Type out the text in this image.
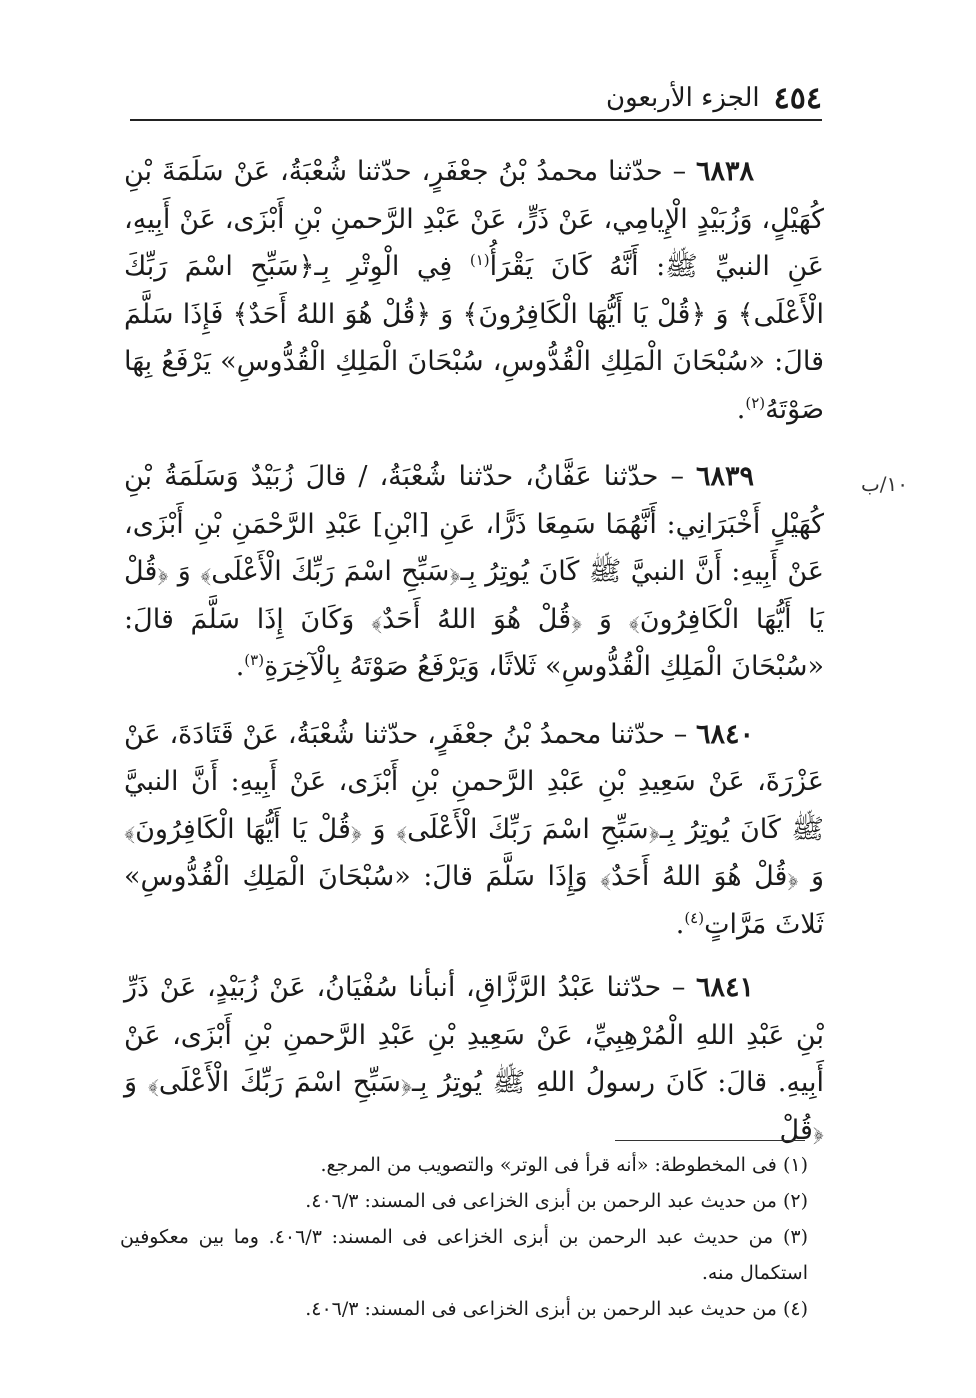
٤٥٤
الجزء الأربعون
١٠/ب

٦٨٣٨ – حدّثنا محمدُ بْنُ جعْفَرٍ، حدّثنا شُعْبَةُ، عَنْ سَلَمَةَ بْنِ كُهَيْلٍ، وَزُبَيْدٍ الْإِيامِي، عَنْ ذَرٍّ، عَنْ عَبْدِ الرَّحمنِ بْنِ أَبْزَى، عَنْ أَبِيهِ، عَنِ النبيِّ ﷺ: أَنَّهُ كَانَ يَقْرَأُ$^{(١)}$ فِي الْوِتْرِ بِـ﴿سَبِّحِ اسْمَ رَبِّكَ الْأَعْلَى﴾ وَ ﴿قُلْ يَا أَيُّهَا الْكَافِرُونَ﴾ وَ ﴿قُلْ هُوَ اللهُ أَحَدٌ﴾ فَإِذَا سَلَّمَ قالَ: «سُبْحَانَ الْمَلِكِ الْقُدُّوسِ، سُبْحَانَ الْمَلِكِ الْقُدُّوسِ» يَرْفَعُ بِهَا صَوْتَهُ$^{(٢)}$.

٦٨٣٩ – حدّثنا عَفَّانُ، حدّثنا شُعْبَةُ، / قالَ زُبَيْدٌ وَسَلَمَةُ بْنِ كُهَيْلٍ أَخْبَرَانِي: أَنَّهُمَا سَمِعَا ذَرًّا، عَنِ [ابْنِ] عَبْدِ الرَّحْمَنِ بْنِ أَبْزَى، عَنْ أَبِيهِ: أَنَّ النبيَّ ﷺ كَانَ يُوتِرُ بِـ﴿سَبِّحِ اسْمَ رَبِّكَ الْأَعْلَى﴾ وَ ﴿قُلْ يَا أَيُّهَا الْكَافِرُونَ﴾ وَ ﴿قُلْ هُوَ اللهُ أَحَدٌ﴾ وَكَانَ إِذَا سَلَّمَ قالَ: «سُبْحَانَ الْمَلِكِ الْقُدُّوسِ» ثَلاثًا، وَيَرْفَعُ صَوْتَهُ بِالْآخِرَةِ$^{(٣)}$.

٦٨٤٠ – حدّثنا محمدُ بْنُ جعْفَرٍ، حدّثنا شُعْبَةُ، عَنْ قَتَادَةَ، عَنْ عَزْرَةَ، عَنْ سَعِيدِ بْنِ عَبْدِ الرَّحمنِ بْنِ أَبْزَى، عَنْ أَبِيهِ: أَنَّ النبيَّ ﷺ كَانَ يُوتِرُ بِـ﴿سَبِّحِ اسْمَ رَبِّكَ الْأَعْلَى﴾ وَ ﴿قُلْ يَا أَيُّهَا الْكَافِرُونَ﴾ وَ ﴿قُلْ هُوَ اللهُ أَحَدٌ﴾ وَإِذَا سَلَّمَ قالَ: «سُبْحَانَ الْمَلِكِ الْقُدُّوسِ» ثَلاثَ مَرَّاتٍ$^{(٤)}$.

٦٨٤١ – حدّثنا عَبْدُ الرَّزَّاقِ، أنبأنا سُفْيَانُ، عَنْ زُبَيْدٍ، عَنْ ذَرِّ بْنِ عَبْدِ اللهِ الْمُرْهِبِيِّ، عَنْ سَعِيدِ بْنِ عَبْدِ الرَّحمنِ بْنِ أَبْزَى، عَنْ أَبِيهِ. قالَ: كَانَ رسولُ اللهِ ﷺ يُوتِرُ بِـ﴿سَبِّحِ اسْمَ رَبِّكَ الْأَعْلَى﴾ وَ ﴿قُلْ

(١) فى المخطوطة: «أنه قرأ فى الوتر» والتصويب من المرجع.

(٢) من حديث عبد الرحمن بن أبزى الخزاعى فى المسند: ٤٠٦/٣.

(٣) من حديث عبد الرحمن بن أبزى الخزاعى فى المسند: ٤٠٦/٣. وما بين معكوفين استكمال منه.

(٤) من حديث عبد الرحمن بن أبزى الخزاعى فى المسند: ٤٠٦/٣.
